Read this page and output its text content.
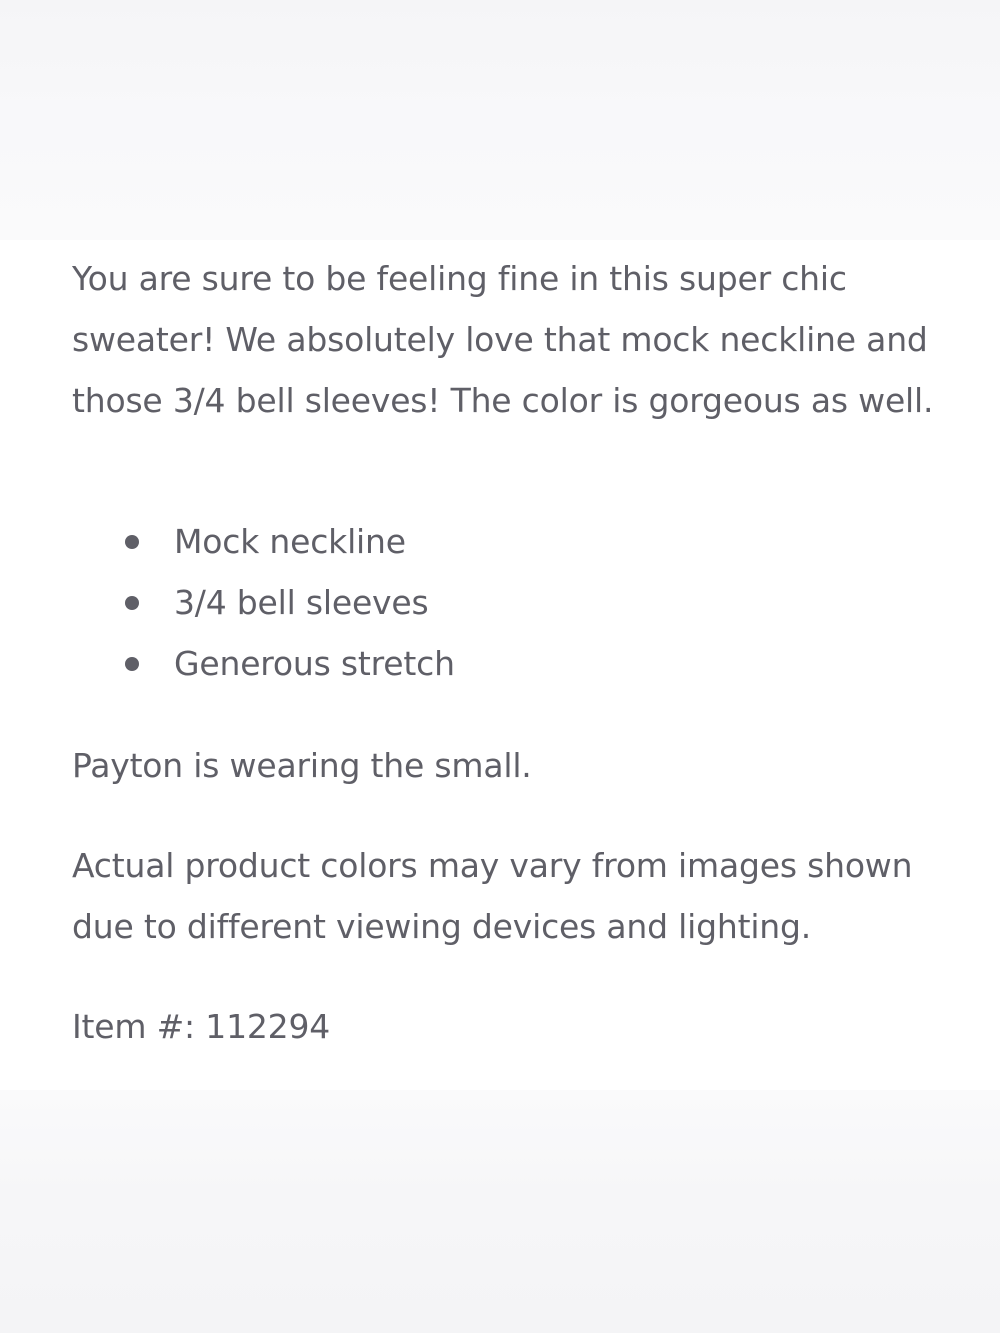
You are sure to be feeling fine in this super chic sweater! We absolutely love that mock neckline and those 3/4 bell sleeves! The color is gorgeous as well.

Mock neckline
3/4 bell sleeves
Generous stretch

Payton is wearing the small.

Actual product colors may vary from images shown due to different viewing devices and lighting.

Item #: 112294
